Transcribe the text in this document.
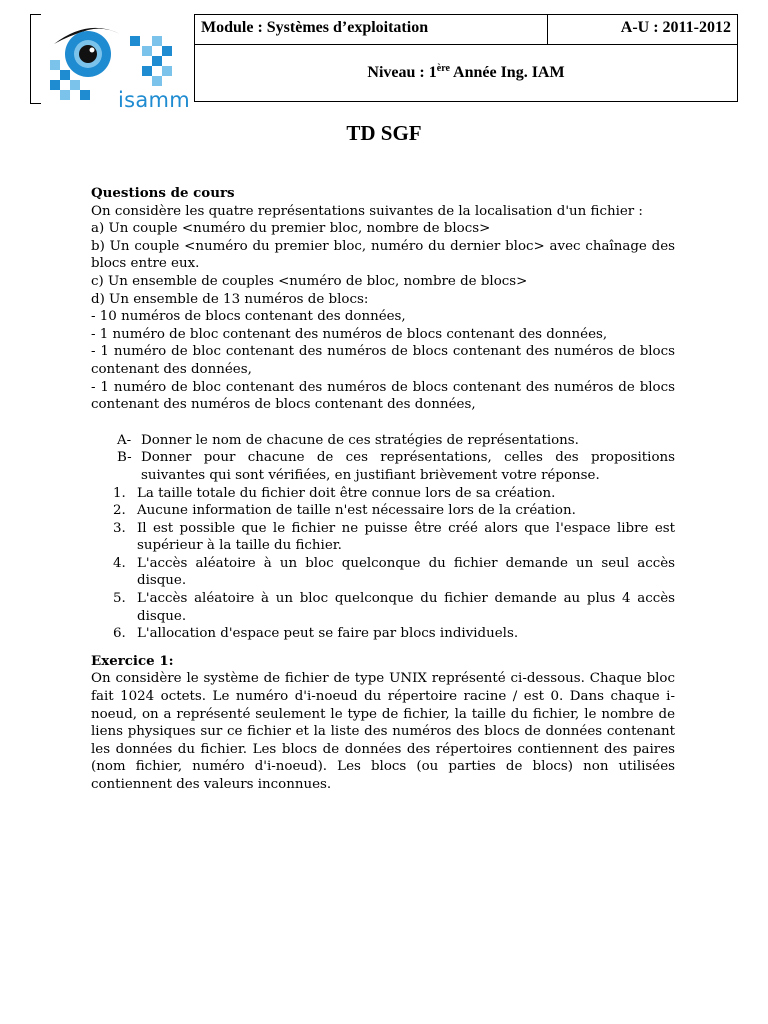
isamm
Module : Systèmes d’exploitation	A-U : 2011-2012
Niveau : 1ère Année Ing. IAM
TD SGF

Questions de cours

On considère les quatre représentations suivantes de la localisation d'un fichier :

a) Un couple <numéro du premier bloc, nombre de blocs>

b) Un couple <numéro du premier bloc, numéro du dernier bloc> avec chaînage des blocs entre eux.

c) Un ensemble de couples <numéro de bloc, nombre de blocs>

d) Un ensemble de 13 numéros de blocs:

- 10 numéros de blocs contenant des données,

- 1 numéro de bloc contenant des numéros de blocs contenant des données,

- 1 numéro de bloc contenant des numéros de blocs contenant des numéros de blocs contenant des données,

- 1 numéro de bloc contenant des numéros de blocs contenant des numéros de blocs contenant des numéros de blocs contenant des données,

A- Donner le nom de chacune de ces stratégies de représentations.
B- Donner pour chacune de ces représentations, celles des propositions suivantes qui sont vérifiées, en justifiant brièvement votre réponse.
1. La taille totale du fichier doit être connue lors de sa création.
2. Aucune information de taille n'est nécessaire lors de la création.
3. Il est possible que le fichier ne puisse être créé alors que l'espace libre est supérieur à la taille du fichier.
4. L'accès aléatoire à un bloc quelconque du fichier demande un seul accès disque.
5. L'accès aléatoire à un bloc quelconque du fichier demande au plus 4 accès disque.
6. L'allocation d'espace peut se faire par blocs individuels.

Exercice 1:

On considère le système de fichier de type UNIX représenté ci-dessous. Chaque bloc fait 1024 octets. Le numéro d'i-noeud du répertoire racine / est 0. Dans chaque i-noeud, on a représenté seulement le type de fichier, la taille du fichier, le nombre de liens physiques sur ce fichier et la liste des numéros des blocs de données contenant les données du fichier. Les blocs de données des répertoires contiennent des paires (nom fichier, numéro d'i-noeud). Les blocs (ou parties de blocs) non utilisées contiennent des valeurs inconnues.
